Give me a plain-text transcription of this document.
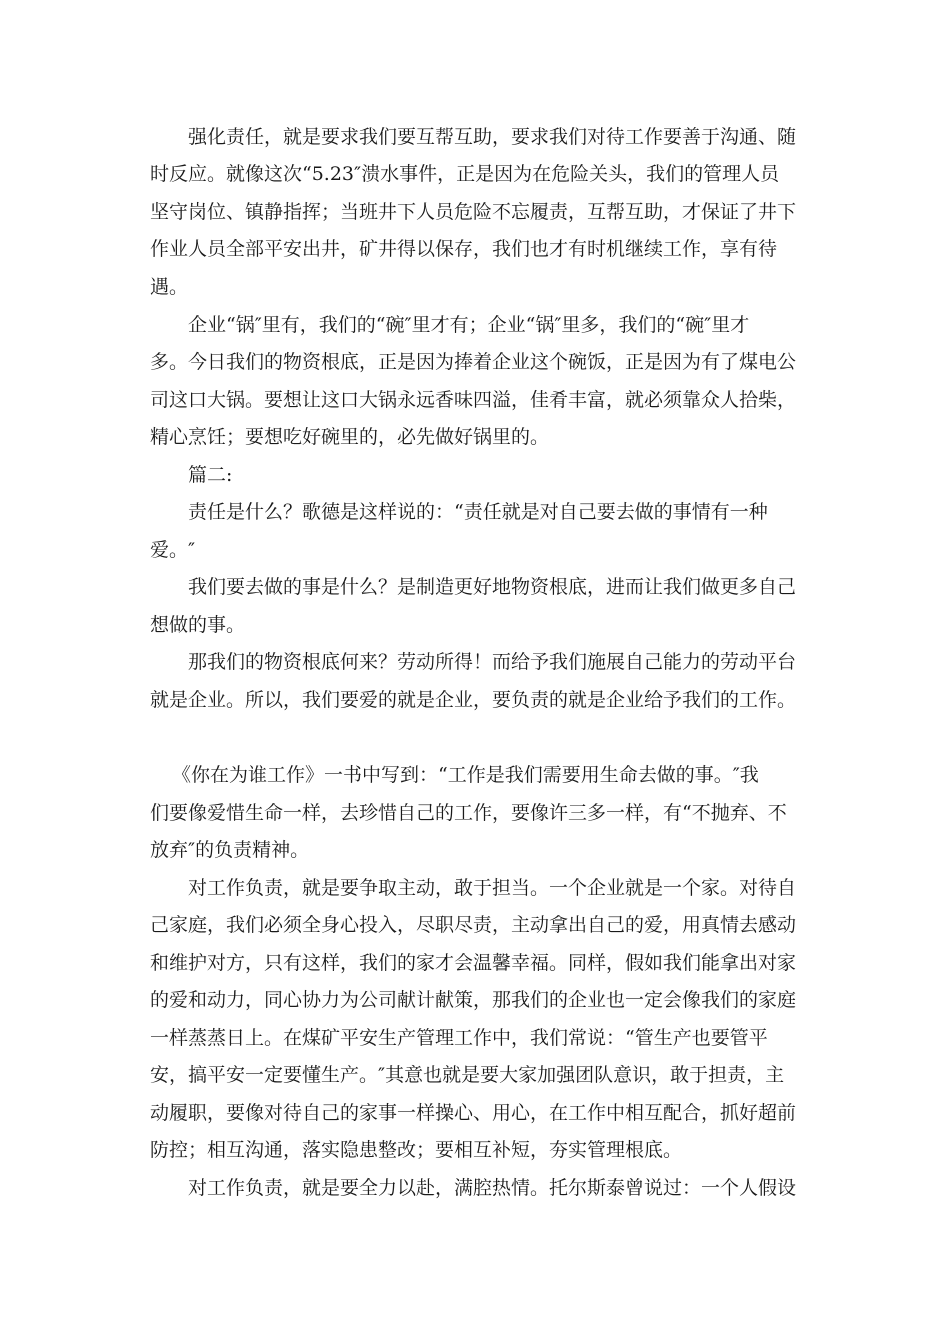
强化责任，就是要求我们要互帮互助，要求我们对待工作要善于沟通、随
时反应。就像这次“5.23″溃水事件，正是因为在危险关头，我们的管理人员
坚守岗位、镇静指挥；当班井下人员危险不忘履责，互帮互助，才保证了井下
作业人员全部平安出井，矿井得以保存，我们也才有时机继续工作，享有待
遇。
企业“锅″里有，我们的“碗″里才有；企业“锅″里多，我们的“碗″里才
多。今日我们的物资根底，正是因为捧着企业这个碗饭，正是因为有了煤电公
司这口大锅。要想让这口大锅永远香味四溢，佳肴丰富，就必须靠众人拾柴，
精心烹饪；要想吃好碗里的，必先做好锅里的。
篇二:
责任是什么？歌德是这样说的：“责任就是对自己要去做的事情有一种
爱。″
我们要去做的事是什么？是制造更好地物资根底，进而让我们做更多自己
想做的事。
那我们的物资根底何来？劳动所得！而给予我们施展自己能力的劳动平台
就是企业。所以，我们要爱的就是企业，要负责的就是企业给予我们的工作。
《你在为谁工作》一书中写到：“工作是我们需要用生命去做的事。″我
们要像爱惜生命一样，去珍惜自己的工作，要像许三多一样，有“不抛弃、不
放弃″的负责精神。
对工作负责，就是要争取主动，敢于担当。一个企业就是一个家。对待自
己家庭，我们必须全身心投入，尽职尽责，主动拿出自己的爱，用真情去感动
和维护对方，只有这样，我们的家才会温馨幸福。同样，假如我们能拿出对家
的爱和动力，同心协力为公司献计献策，那我们的企业也一定会像我们的家庭
一样蒸蒸日上。在煤矿平安生产管理工作中，我们常说：“管生产也要管平
安，搞平安一定要懂生产。″其意也就是要大家加强团队意识，敢于担责，主
动履职，要像对待自己的家事一样操心、用心，在工作中相互配合，抓好超前
防控；相互沟通，落实隐患整改；要相互补短，夯实管理根底。
对工作负责，就是要全力以赴，满腔热情。托尔斯泰曾说过：一个人假设
